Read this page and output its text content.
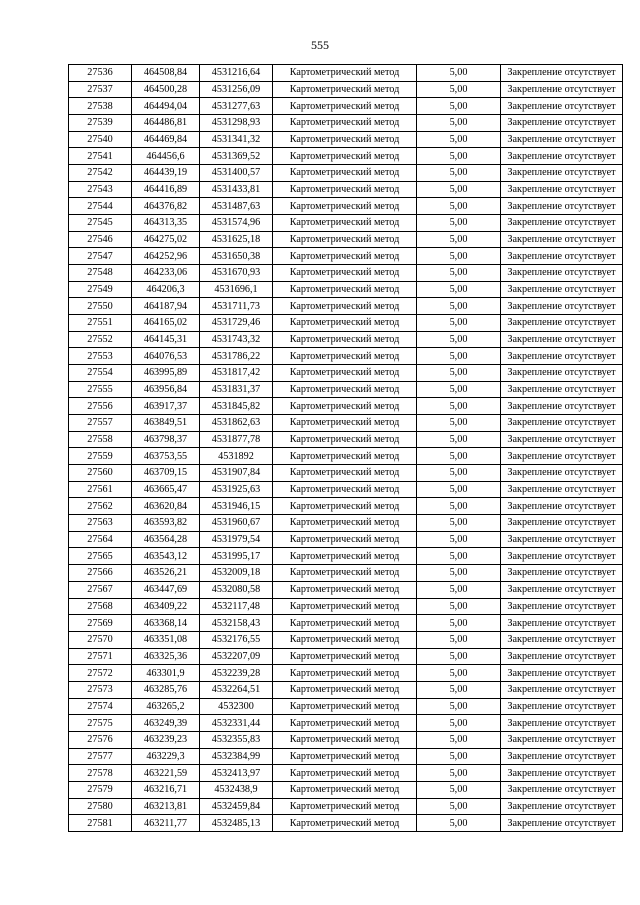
555
27536	464508,84	4531216,64	Картометрический метод	5,00	Закрепление отсутствует
27537	464500,28	4531256,09	Картометрический метод	5,00	Закрепление отсутствует
27538	464494,04	4531277,63	Картометрический метод	5,00	Закрепление отсутствует
27539	464486,81	4531298,93	Картометрический метод	5,00	Закрепление отсутствует
27540	464469,84	4531341,32	Картометрический метод	5,00	Закрепление отсутствует
27541	464456,6	4531369,52	Картометрический метод	5,00	Закрепление отсутствует
27542	464439,19	4531400,57	Картометрический метод	5,00	Закрепление отсутствует
27543	464416,89	4531433,81	Картометрический метод	5,00	Закрепление отсутствует
27544	464376,82	4531487,63	Картометрический метод	5,00	Закрепление отсутствует
27545	464313,35	4531574,96	Картометрический метод	5,00	Закрепление отсутствует
27546	464275,02	4531625,18	Картометрический метод	5,00	Закрепление отсутствует
27547	464252,96	4531650,38	Картометрический метод	5,00	Закрепление отсутствует
27548	464233,06	4531670,93	Картометрический метод	5,00	Закрепление отсутствует
27549	464206,3	4531696,1	Картометрический метод	5,00	Закрепление отсутствует
27550	464187,94	4531711,73	Картометрический метод	5,00	Закрепление отсутствует
27551	464165,02	4531729,46	Картометрический метод	5,00	Закрепление отсутствует
27552	464145,31	4531743,32	Картометрический метод	5,00	Закрепление отсутствует
27553	464076,53	4531786,22	Картометрический метод	5,00	Закрепление отсутствует
27554	463995,89	4531817,42	Картометрический метод	5,00	Закрепление отсутствует
27555	463956,84	4531831,37	Картометрический метод	5,00	Закрепление отсутствует
27556	463917,37	4531845,82	Картометрический метод	5,00	Закрепление отсутствует
27557	463849,51	4531862,63	Картометрический метод	5,00	Закрепление отсутствует
27558	463798,37	4531877,78	Картометрический метод	5,00	Закрепление отсутствует
27559	463753,55	4531892	Картометрический метод	5,00	Закрепление отсутствует
27560	463709,15	4531907,84	Картометрический метод	5,00	Закрепление отсутствует
27561	463665,47	4531925,63	Картометрический метод	5,00	Закрепление отсутствует
27562	463620,84	4531946,15	Картометрический метод	5,00	Закрепление отсутствует
27563	463593,82	4531960,67	Картометрический метод	5,00	Закрепление отсутствует
27564	463564,28	4531979,54	Картометрический метод	5,00	Закрепление отсутствует
27565	463543,12	4531995,17	Картометрический метод	5,00	Закрепление отсутствует
27566	463526,21	4532009,18	Картометрический метод	5,00	Закрепление отсутствует
27567	463447,69	4532080,58	Картометрический метод	5,00	Закрепление отсутствует
27568	463409,22	4532117,48	Картометрический метод	5,00	Закрепление отсутствует
27569	463368,14	4532158,43	Картометрический метод	5,00	Закрепление отсутствует
27570	463351,08	4532176,55	Картометрический метод	5,00	Закрепление отсутствует
27571	463325,36	4532207,09	Картометрический метод	5,00	Закрепление отсутствует
27572	463301,9	4532239,28	Картометрический метод	5,00	Закрепление отсутствует
27573	463285,76	4532264,51	Картометрический метод	5,00	Закрепление отсутствует
27574	463265,2	4532300	Картометрический метод	5,00	Закрепление отсутствует
27575	463249,39	4532331,44	Картометрический метод	5,00	Закрепление отсутствует
27576	463239,23	4532355,83	Картометрический метод	5,00	Закрепление отсутствует
27577	463229,3	4532384,99	Картометрический метод	5,00	Закрепление отсутствует
27578	463221,59	4532413,97	Картометрический метод	5,00	Закрепление отсутствует
27579	463216,71	4532438,9	Картометрический метод	5,00	Закрепление отсутствует
27580	463213,81	4532459,84	Картометрический метод	5,00	Закрепление отсутствует
27581	463211,77	4532485,13	Картометрический метод	5,00	Закрепление отсутствует
